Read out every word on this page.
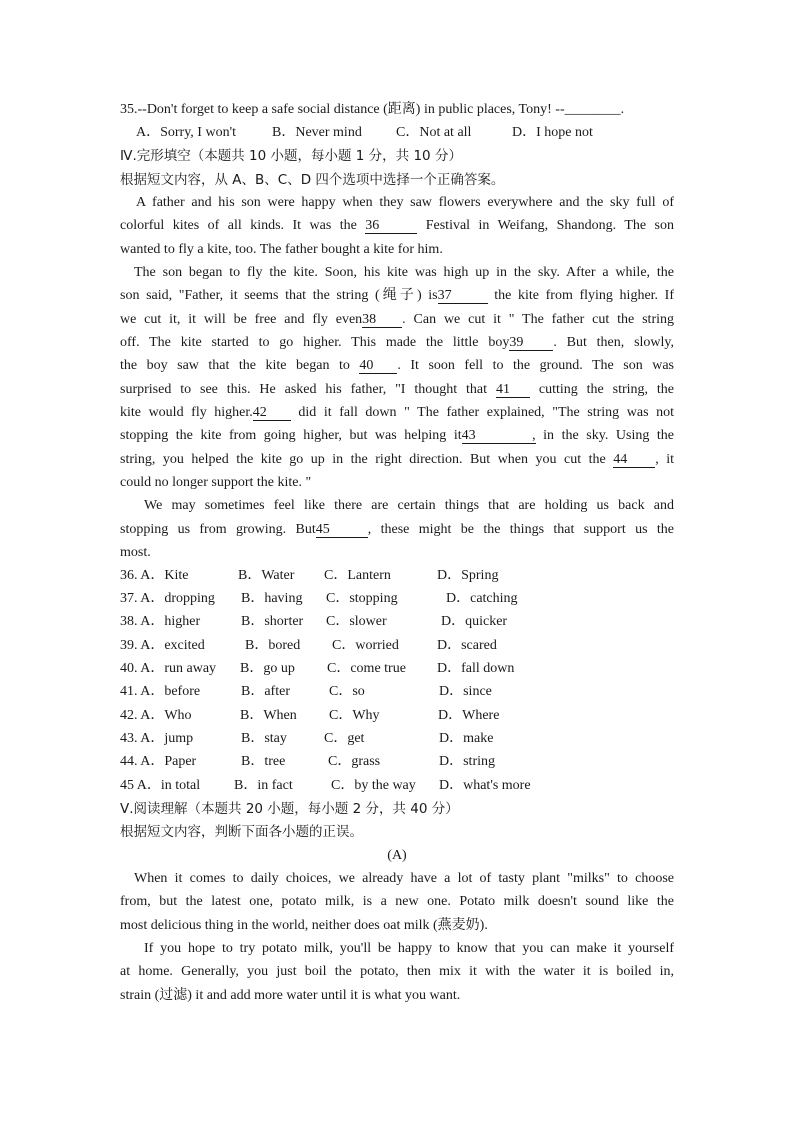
35.--Don't forget to keep a safe social distance (距离) in public places, Tony! --________.
A．Sorry, I won't	B．Never mind C．Not at all	D．I hope not
Ⅳ.完形填空（本题共 10 小题，每小题 1 分，共 10 分）
根据短文内容，从 A、B、C、D 四个选项中选择一个正确答案。
A father and his son were happy when they saw flowers everywhere and the sky full of
colorful kites of all kinds. It was the 36	Festival in Weifang, Shandong. The son
wanted to fly a kite, too. The father bought a kite for him.
The son began to fly the kite. Soon, his kite was high up in the sky. After a while, the
son said, "Father, it seems that the string (绳子) is37	the kite from flying higher. If
we cut it, it will be free and fly even38 . Can we cut it " The father cut the string
off. The kite started to go higher. This made the little boy39 . But then, slowly,
the boy saw that the kite began to 40 . It soon fell to the ground. The son was
surprised to see this. He asked his father, "I thought that 41 cutting the string, the
kite would fly higher.42 did it fall down " The father explained, "The string was not
stopping the kite from going higher, but was helping it43 , in the sky. Using the
string, you helped the kite go up in the right direction. But when you cut the 44 , it
could no longer support the kite. "
We may sometimes feel like there are certain things that are holding us back and
stopping us from growing. But45	, these might be the things that support us the
most.
36. A．Kite	B．Water C．Lantern	D．Spring
37. A．dropping B．having C．stopping	D．catching
38. A．higher	B．shorter C．slower	D．quicker
39. A．excited	B．bored C．worried	D．scared
40. A．run away B．go up C．come true D．fall down
41. A．before	B．after	C．so	D．since
42. A．Who	B．When C．Why	D．Where
43. A．jump	B．stay	C．get	D．make
44. A．Paper	B．tree	C．grass	D．string
45 A．in total B．in fact	C．by the way D．what's more
Ⅴ.阅读理解（本题共 20 小题，每小题 2 分，共 40 分）
根据短文内容，判断下面各小题的正误。
(A)
When it comes to daily choices, we already have a lot of tasty plant "milks" to choose
from, but the latest one, potato milk, is a new one. Potato milk doesn't sound like the
most delicious thing in the world, neither does oat milk (燕麦奶).
If you hope to try potato milk, you'll be happy to know that you can make it yourself
at home. Generally, you just boil the potato, then mix it with the water it is boiled in,
strain (过滤) it and add more water until it is what you want.
